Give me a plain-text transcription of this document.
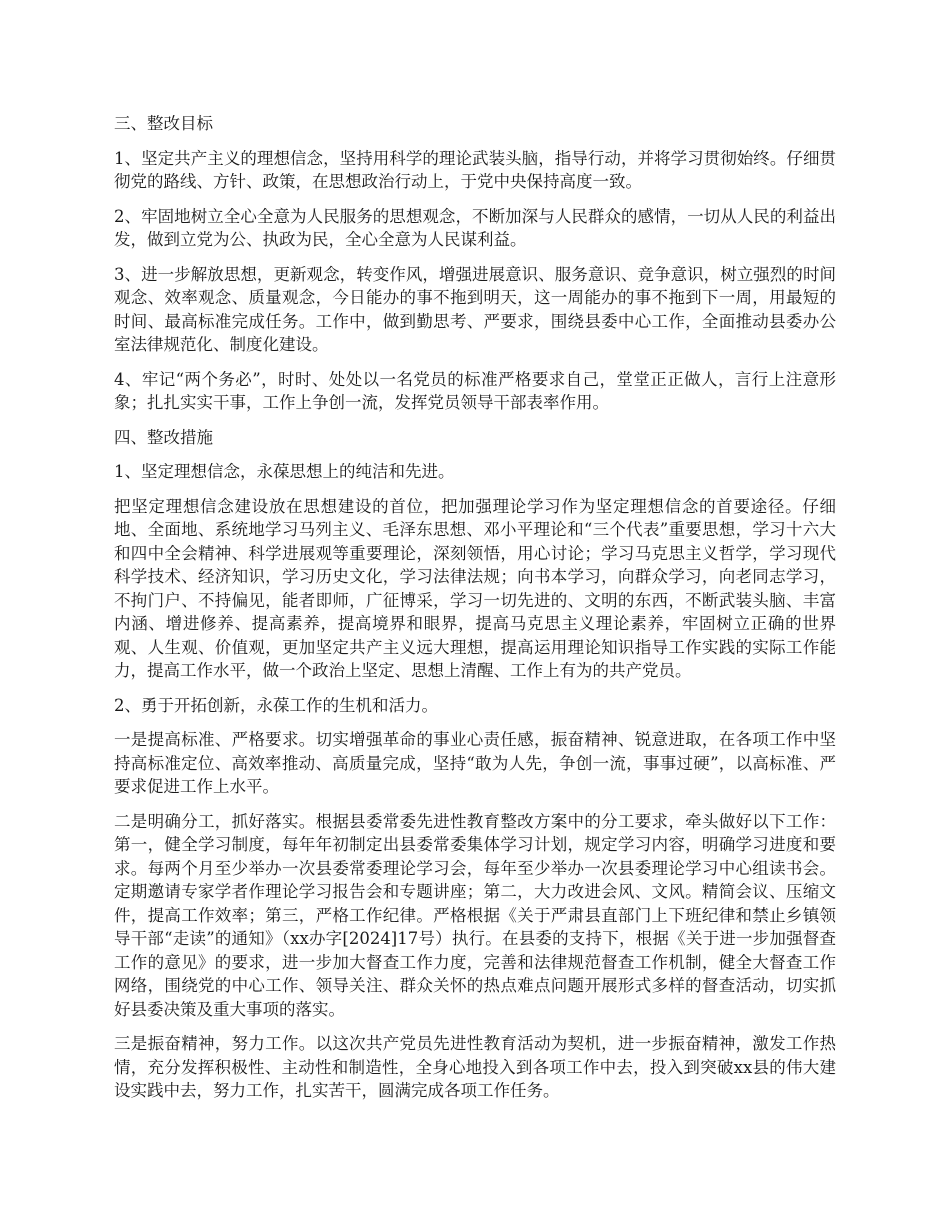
三、整改目标

1、坚定共产主义的理想信念，坚持用科学的理论武装头脑，指导行动，并将学习贯彻始终。仔细贯彻党的路线、方针、政策，在思想政治行动上，于党中央保持高度一致。

2、牢固地树立全心全意为人民服务的思想观念，不断加深与人民群众的感情，一切从人民的利益出发，做到立党为公、执政为民，全心全意为人民谋利益。

3、进一步解放思想，更新观念，转变作风，增强进展意识、服务意识、竞争意识，树立强烈的时间观念、效率观念、质量观念，今日能办的事不拖到明天，这一周能办的事不拖到下一周，用最短的时间、最高标准完成任务。工作中，做到勤思考、严要求，围绕县委中心工作，全面推动县委办公室法律规范化、制度化建设。

4、牢记“两个务必”，时时、处处以一名党员的标准严格要求自己，堂堂正正做人，言行上注意形象；扎扎实实干事，工作上争创一流，发挥党员领导干部表率作用。

四、整改措施

1、坚定理想信念，永葆思想上的纯洁和先进。

把坚定理想信念建设放在思想建设的首位，把加强理论学习作为坚定理想信念的首要途径。仔细地、全面地、系统地学习马列主义、毛泽东思想、邓小平理论和“三个代表”重要思想，学习十六大和四中全会精神、科学进展观等重要理论，深刻领悟，用心讨论；学习马克思主义哲学，学习现代科学技术、经济知识，学习历史文化，学习法律法规；向书本学习，向群众学习，向老同志学习，不拘门户、不持偏见，能者即师，广征博采，学习一切先进的、文明的东西，不断武装头脑、丰富内涵、增进修养、提高素养，提高境界和眼界，提高马克思主义理论素养，牢固树立正确的世界观、人生观、价值观，更加坚定共产主义远大理想，提高运用理论知识指导工作实践的实际工作能力，提高工作水平，做一个政治上坚定、思想上清醒、工作上有为的共产党员。

2、勇于开拓创新，永葆工作的生机和活力。

一是提高标准、严格要求。切实增强革命的事业心责任感，振奋精神、锐意进取，在各项工作中坚持高标准定位、高效率推动、高质量完成，坚持“敢为人先，争创一流，事事过硬”，以高标准、严要求促进工作上水平。

二是明确分工，抓好落实。根据县委常委先进性教育整改方案中的分工要求，牵头做好以下工作：第一，健全学习制度，每年年初制定出县委常委集体学习计划，规定学习内容，明确学习进度和要求。每两个月至少举办一次县委常委理论学习会，每年至少举办一次县委理论学习中心组读书会。定期邀请专家学者作理论学习报告会和专题讲座；第二，大力改进会风、文风。精简会议、压缩文件，提高工作效率；第三，严格工作纪律。严格根据《关于严肃县直部门上下班纪律和禁止乡镇领导干部“走读”的通知》（xx办字[2024]17号）执行。在县委的支持下，根据《关于进一步加强督查工作的意见》的要求，进一步加大督查工作力度，完善和法律规范督查工作机制，健全大督查工作网络，围绕党的中心工作、领导关注、群众关怀的热点难点问题开展形式多样的督查活动，切实抓好县委决策及重大事项的落实。

三是振奋精神，努力工作。以这次共产党员先进性教育活动为契机，进一步振奋精神，激发工作热情，充分发挥积极性、主动性和制造性，全身心地投入到各项工作中去，投入到突破xx县的伟大建设实践中去，努力工作，扎实苦干，圆满完成各项工作任务。
